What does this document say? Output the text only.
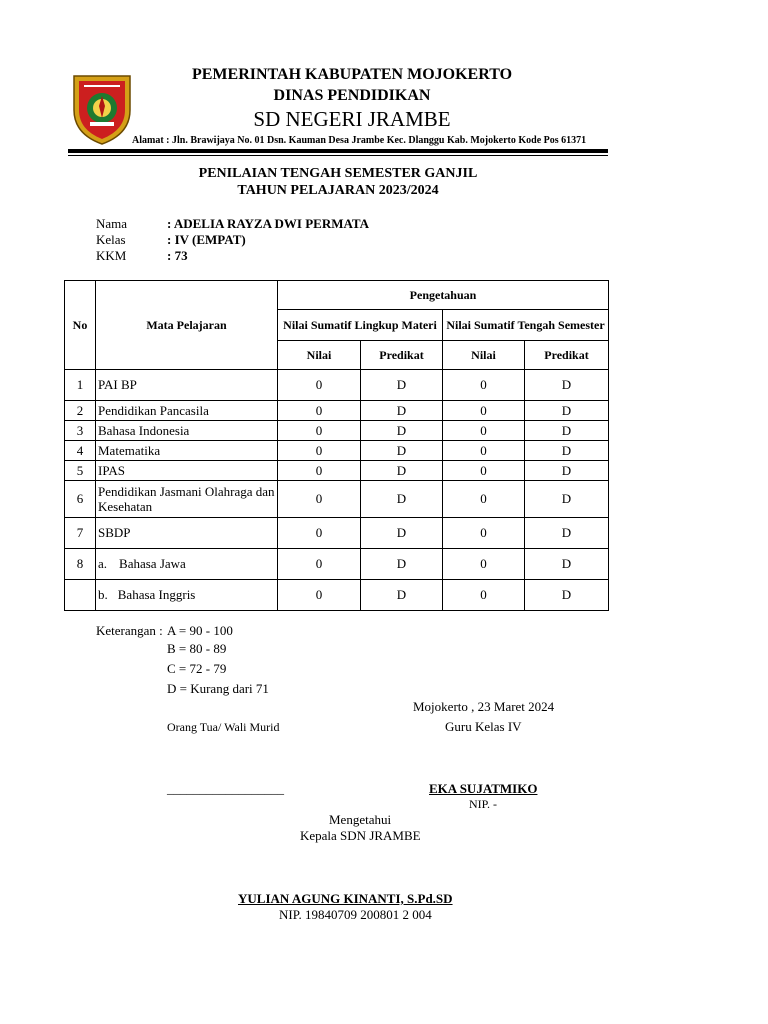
PEMERINTAH KABUPATEN MOJOKERTO
DINAS PENDIDIKAN
SD NEGERI JRAMBE
Alamat : Jln. Brawijaya No. 01 Dsn. Kauman Desa Jrambe Kec. Dlanggu Kab. Mojokerto Kode Pos 61371
PENILAIAN TENGAH SEMESTER GANJIL
TAHUN PELAJARAN 2023/2024
Nama	: ADELIA RAYZA DWI PERMATA
Kelas	: IV (EMPAT)
KKM	: 73
No	Mata Pelajaran	Pengetahuan			
		Nilai Sumatif Lingkup Materi		Nilai Sumatif Tengah Semester	
		Nilai	Predikat	Nilai	Predikat
1	PAI BP	0	D	0	D
2	Pendidikan Pancasila	0	D	0	D
3	Bahasa Indonesia	0	D	0	D
4	Matematika	0	D	0	D
5	IPAS	0	D	0	D
6	Pendidikan Jasmani Olahraga dan Kesehatan	0	D	0	D
7	SBDP	0	D	0	D
8	a. Bahasa Jawa	0	D	0	D
	b. Bahasa Inggris	0	D	0	D
Keterangan : A = 90 - 100
B = 80 - 89
C = 72 - 79
D = Kurang dari 71
Mojokerto , 23 Maret 2024
Orang Tua/ Wali Murid	Guru Kelas IV
__________________	EKA SUJATMIKO
NIP. -
Mengetahui
Kepala SDN JRAMBE
YULIAN AGUNG KINANTI, S.Pd.SD
NIP. 19840709 200801 2 004
